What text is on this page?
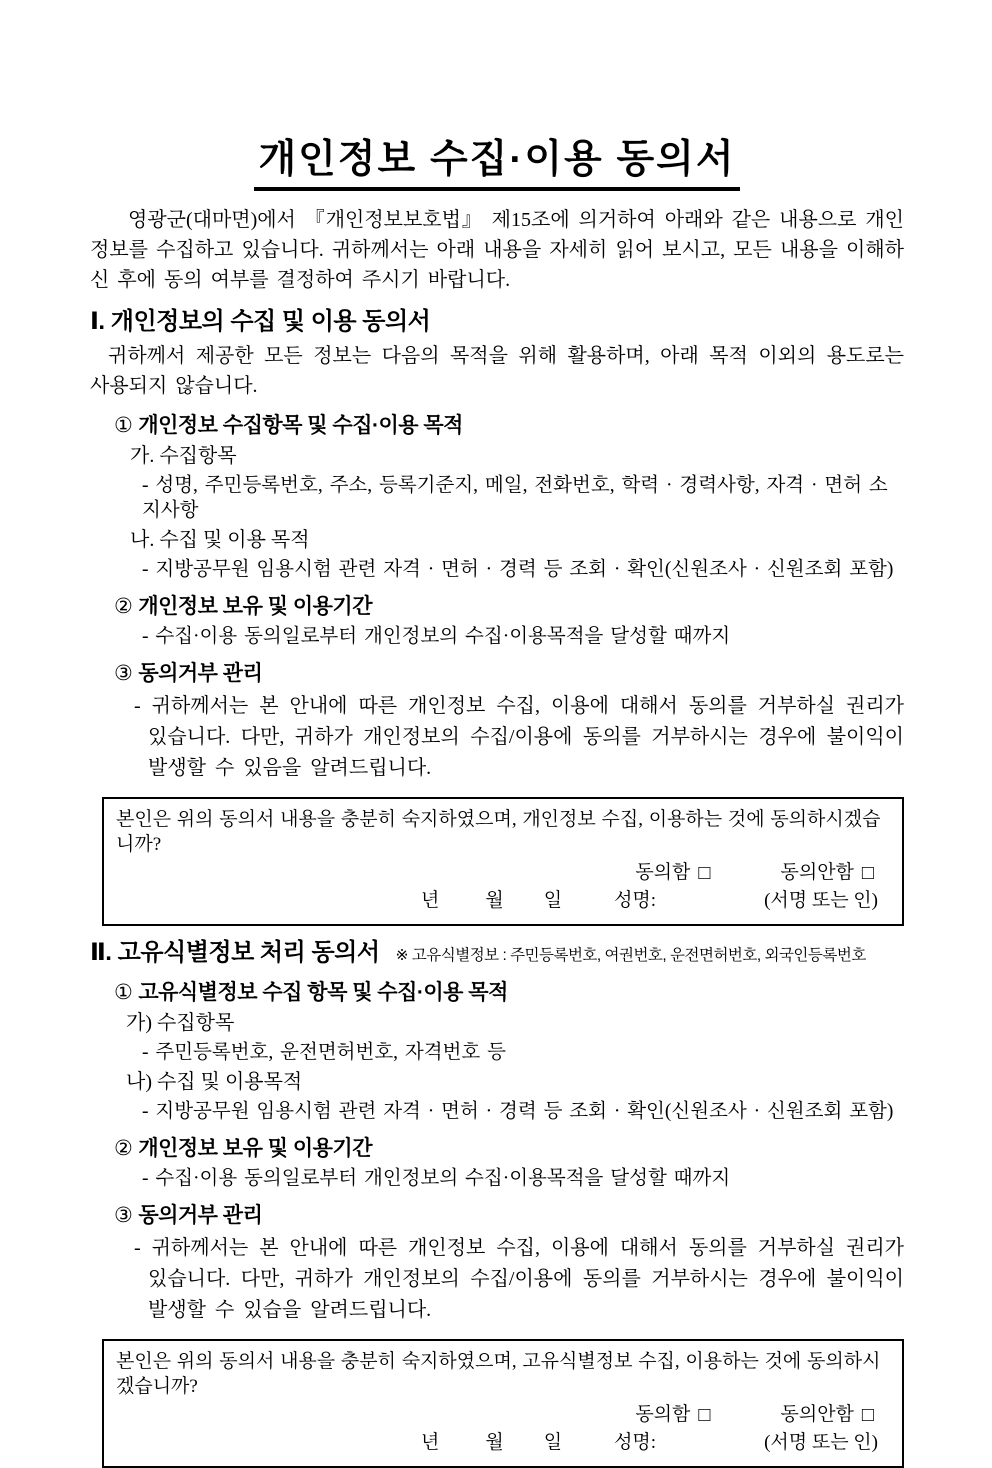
개인정보 수집·이용 동의서

영광군(대마면)에서 『개인정보보호법』 제15조에 의거하여 아래와 같은 내용으로 개인정보를 수집하고 있습니다. 귀하께서는 아래 내용을 자세히 읽어 보시고, 모든 내용을 이해하신 후에 동의 여부를 결정하여 주시기 바랍니다.

Ⅰ. 개인정보의 수집 및 이용 동의서

귀하께서 제공한 모든 정보는 다음의 목적을 위해 활용하며, 아래 목적 이외의 용도로는 사용되지 않습니다.

① 개인정보 수집항목 및 수집·이용 목적

가. 수집항목

- 성명, 주민등록번호, 주소, 등록기준지, 메일, 전화번호, 학력 · 경력사항, 자격 · 면허 소지사항

나. 수집 및 이용 목적

- 지방공무원 임용시험 관련 자격 · 면허 · 경력 등 조회 · 확인(신원조사 · 신원조회 포함)

② 개인정보 보유 및 이용기간

- 수집·이용 동의일로부터 개인정보의 수집·이용목적을 달성할 때까지

③ 동의거부 관리

- 귀하께서는 본 안내에 따른 개인정보 수집, 이용에 대해서 동의를 거부하실 권리가 있습니다. 다만, 귀하가 개인정보의 수집/이용에 동의를 거부하시는 경우에 불이익이 발생할 수 있음을 알려드립니다.

본인은 위의 동의서 내용을 충분히 숙지하였으며, 개인정보 수집, 이용하는 것에 동의하시겠습니까?
동의함 □	동의안함 □
년 월 일	성명:	(서명 또는 인)
Ⅱ. 고유식별정보 처리 동의서 ※ 고유식별정보 : 주민등록번호, 여권번호, 운전면허번호, 외국인등록번호
① 고유식별정보 수집 항목 및 수집·이용 목적

가) 수집항목

- 주민등록번호, 운전면허번호, 자격번호 등

나) 수집 및 이용목적

- 지방공무원 임용시험 관련 자격 · 면허 · 경력 등 조회 · 확인(신원조사 · 신원조회 포함)

② 개인정보 보유 및 이용기간

- 수집·이용 동의일로부터 개인정보의 수집·이용목적을 달성할 때까지

③ 동의거부 관리

- 귀하께서는 본 안내에 따른 개인정보 수집, 이용에 대해서 동의를 거부하실 권리가 있습니다. 다만, 귀하가 개인정보의 수집/이용에 동의를 거부하시는 경우에 불이익이 발생할 수 있습을 알려드립니다.

본인은 위의 동의서 내용을 충분히 숙지하였으며, 고유식별정보 수집, 이용하는 것에 동의하시겠습니까?
동의함 □	동의안함 □
년 월 일	성명:	(서명 또는 인)
